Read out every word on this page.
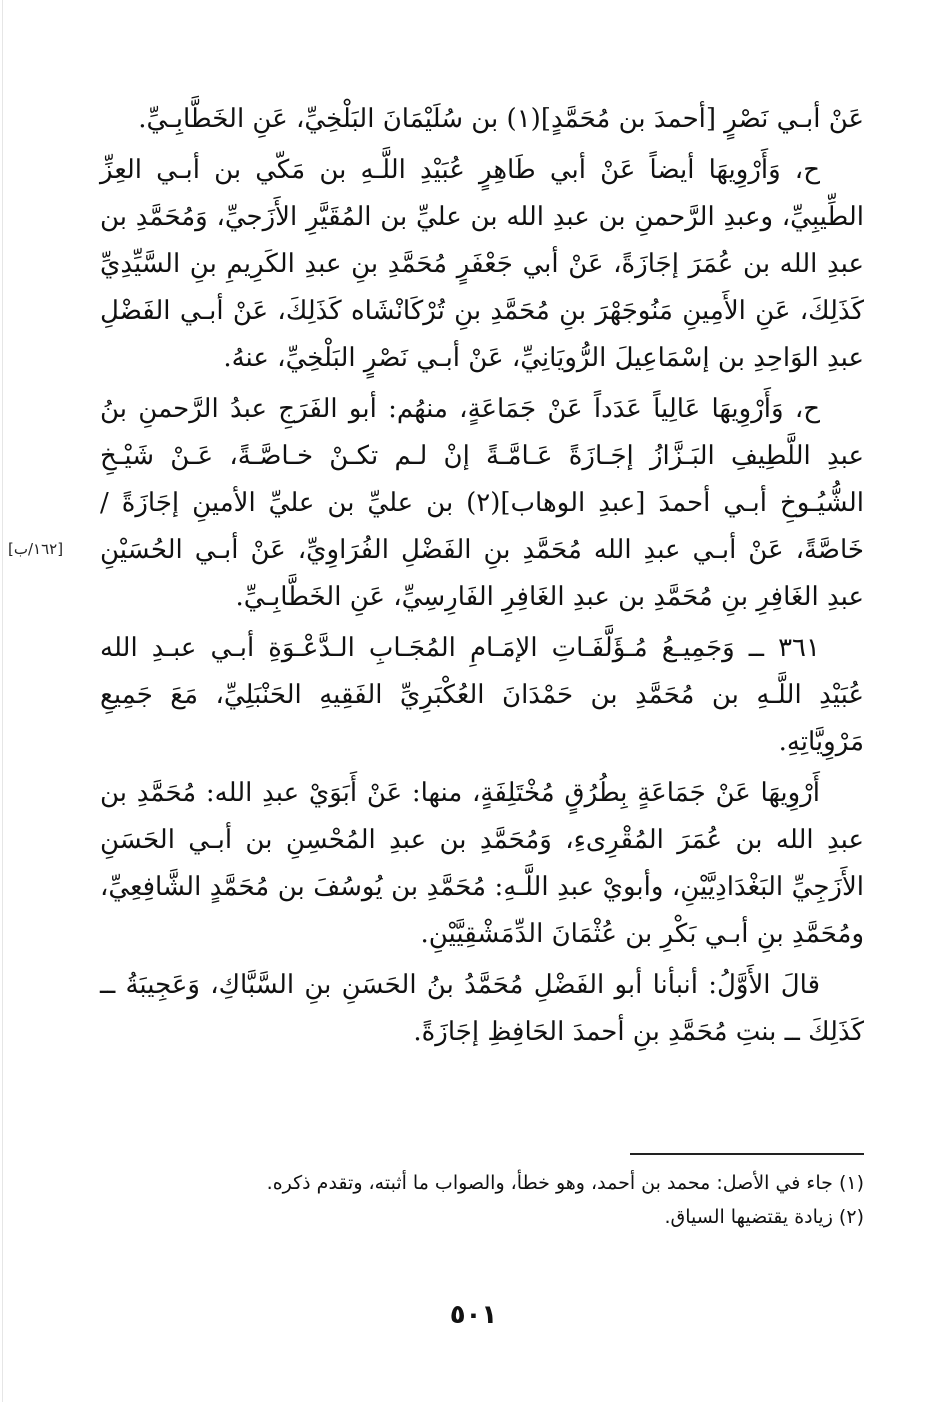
عَنْ أبـي نَصْرٍ [أحمدَ بن مُحَمَّدٍ](١) بن سُلَيْمَانَ البَلْخِيِّ، عَنِ الخَطَّابِـيِّ.

ح، وَأَرْوِيهَا أيضاً عَنْ أبي طَاهِرٍ عُبَيْدِ اللَّـهِ بن مَكّي بن أبـي العِزِّ الطِّيبِيِّ، وعبدِ الرَّحمنِ بن عبدِ الله بن عليِّ بن المُقَيَّرِ الأَزَجيِّ، وَمُحَمَّدِ بن عبدِ الله بن عُمَرَ إجَازَةً، عَنْ أبي جَعْفَرٍ مُحَمَّدِ بنِ عبدِ الكَرِيمِ بنِ السَّيِّدِيِّ كَذَلِكَ، عَنِ الأَمِينِ مَنُوجَهْرَ بنِ مُحَمَّدِ بنِ تُرْكَانْشَاه كَذَلِكَ، عَنْ أبـي الفَضْلِ عبدِ الوَاحِدِ بن إسْمَاعِيلَ الرُّويَانِيِّ، عَنْ أبـي نَصْرٍ البَلْخِيِّ، عنهُ.

ح، وَأَرْوِيهَا عَالِياً عَدَداً عَنْ جَمَاعَةٍ، منهُم: أبو الفَرَجِ عبدُ الرَّحمنِ بنُ عبدِ اللَّطِيفِ البَـزَّازُ إجَـازَةً عَـامَّـةً إنْ لـم تكـنْ خـاصَّـةً، عَـنْ شَيْـخِ الشُّيُـوخِ أبـي أحمدَ [عبدِ الوهاب](٢) بن عليِّ بن عليِّ الأمينِ إجَازَةً / خَاصَّةً، عَنْ أبـي عبدِ الله مُحَمَّدِ بنِ الفَضْلِ الفُرَاوِيِّ، عَنْ أبـي الحُسَيْنِ عبدِ الغَافِرِ بنِ مُحَمَّدِ بن عبدِ الغَافِرِ الفَارِسِيِّ، عَنِ الخَطَّابِـيِّ.

٣٦١ ــ وَجَمِيـعُ مُـؤَلَّفَـاتِ الإمَـامِ المُجَـابِ الـدَّعْـوَةِ أبـي عبـدِ الله عُبَيْدِ اللَّـهِ بن مُحَمَّدِ بن حَمْدَانَ العُكْبَرِيِّ الفَقِيهِ الحَنْبَلِيِّ، مَعَ جَمِيعِ مَرْوِيَّاتِهِ.

أَرْوِيهَا عَنْ جَمَاعَةٍ بِطُرُقٍ مُخْتَلِفَةٍ، منها: عَنْ أَبَوَيْ عبدِ الله: مُحَمَّدِ بن عبدِ الله بن عُمَرَ المُقْرِىءِ، وَمُحَمَّدِ بن عبدِ المُحْسِنِ بن أبـي الحَسَنِ الأَزَجِيِّ البَغْدَادِيَّيْنِ، وأبويْ عبدِ اللَّـهِ: مُحَمَّدِ بن يُوسُفَ بن مُحَمَّدٍ الشَّافِعِيِّ، ومُحَمَّدِ بنِ أبـي بَكْرِ بن عُثْمَانَ الدِّمَشْقِيَّيْنِ.

قالَ الأَوَّلُ: أنبأنا أبو الفَضْلِ مُحَمَّدُ بنُ الحَسَنِ بنِ السَّبَّاكِ، وَعَجِيبَةُ ــ كَذَلِكَ ــ بنتِ مُحَمَّدِ بنِ أحمدَ الحَافِظِ إجَازَةً.

[١٦٢/ب]

(١) جاء في الأصل: محمد بن أحمد، وهو خطأ، والصواب ما أثبته، وتقدم ذكره.

(٢) زيادة يقتضيها السياق.

٥٠١
